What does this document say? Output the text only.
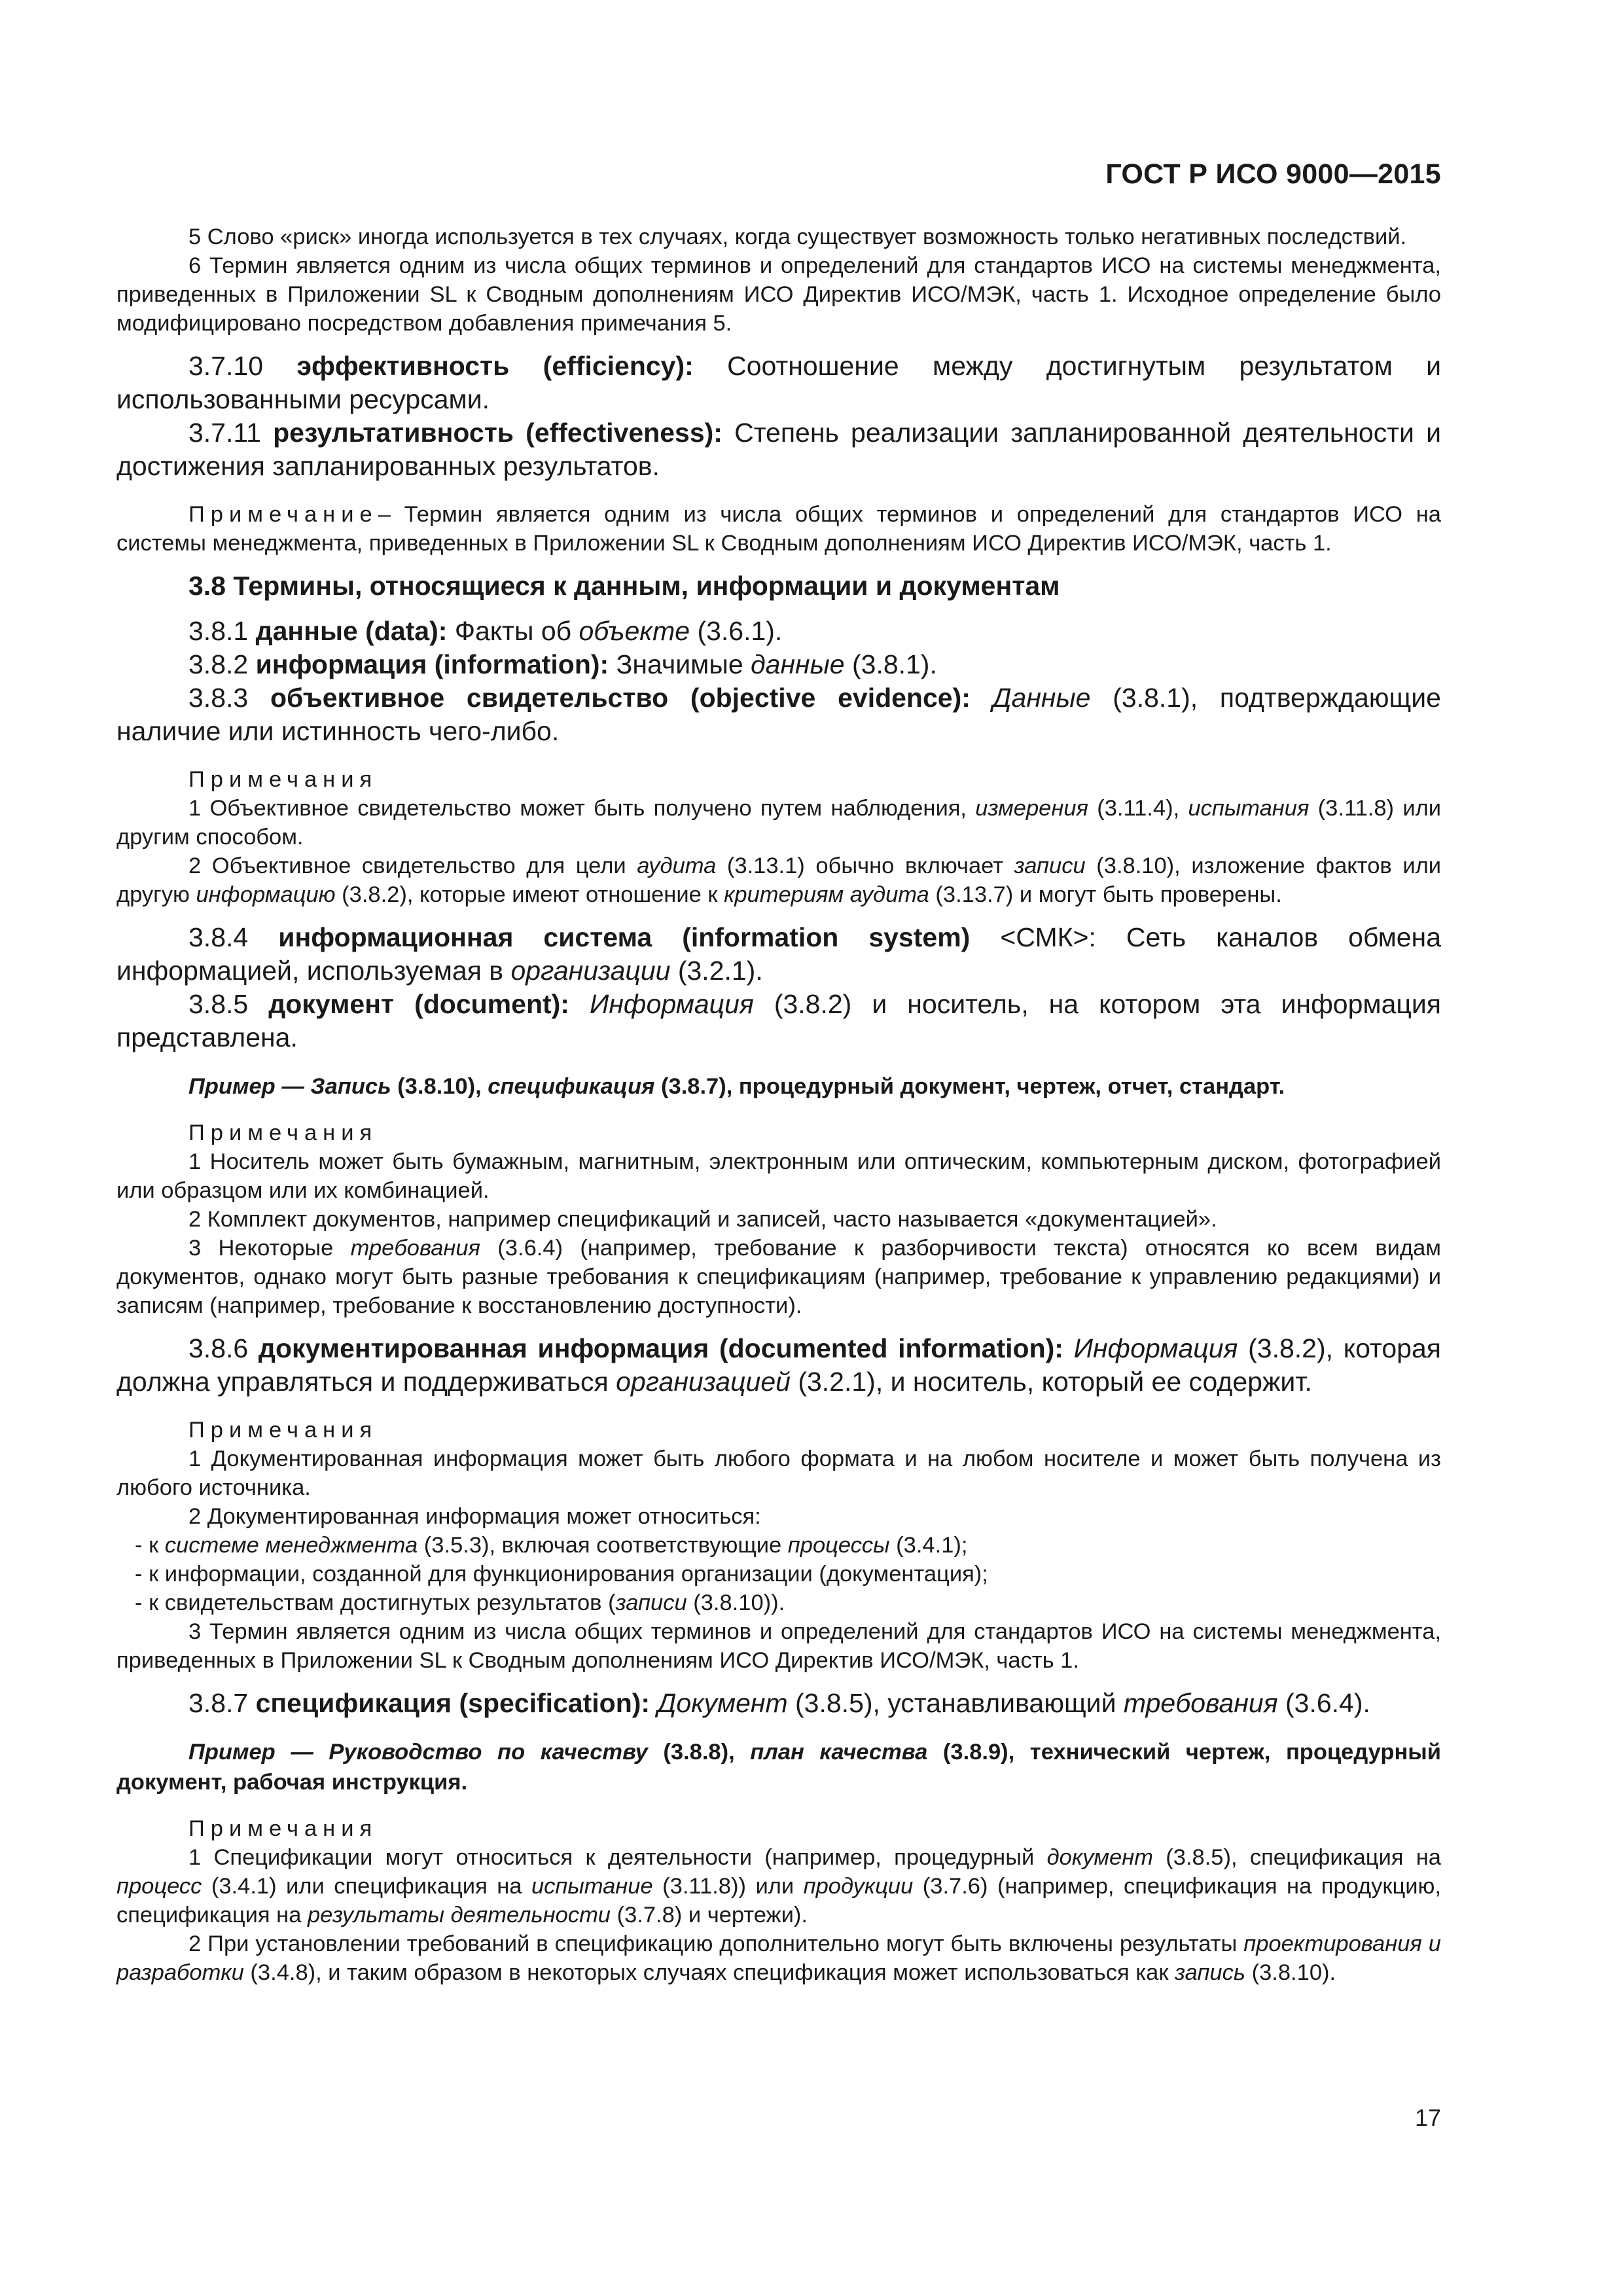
ГОСТ Р ИСО 9000—2015

5 Слово «риск» иногда используется в тех случаях, когда существует возможность только негативных последствий.

6 Термин является одним из числа общих терминов и определений для стандартов ИСО на системы менеджмента, приведенных в Приложении SL к Сводным дополнениям ИСО Директив ИСО/МЭК, часть 1. Исходное определение было модифицировано посредством добавления примечания 5.

3.7.10 эффективность (efficiency): Соотношение между достигнутым результатом и использованными ресурсами.

3.7.11 результативность (effectiveness): Степень реализации запланированной деятельности и достижения запланированных результатов.

Примечание– Термин является одним из числа общих терминов и определений для стандартов ИСО на системы менеджмента, приведенных в Приложении SL к Сводным дополнениям ИСО Директив ИСО/МЭК, часть 1.

3.8 Термины, относящиеся к данным, информации и документам

3.8.1 данные (data): Факты об объекте (3.6.1).

3.8.2 информация (information): Значимые данные (3.8.1).

3.8.3 объективное свидетельство (objective evidence): Данные (3.8.1), подтверждающие наличие или истинность чего-либо.

Примечания

1 Объективное свидетельство может быть получено путем наблюдения, измерения (3.11.4), испытания (3.11.8) или другим способом.

2 Объективное свидетельство для цели аудита (3.13.1) обычно включает записи (3.8.10), изложение фактов или другую информацию (3.8.2), которые имеют отношение к критериям аудита (3.13.7) и могут быть проверены.

3.8.4 информационная система (information system) <СМК>: Сеть каналов обмена информацией, используемая в организации (3.2.1).

3.8.5 документ (document): Информация (3.8.2) и носитель, на котором эта информация представлена.

Пример — Запись (3.8.10), спецификация (3.8.7), процедурный документ, чертеж, отчет, стандарт.

Примечания

1 Носитель может быть бумажным, магнитным, электронным или оптическим, компьютерным диском, фотографией или образцом или их комбинацией.

2 Комплект документов, например спецификаций и записей, часто называется «документацией».

3 Некоторые требования (3.6.4) (например, требование к разборчивости текста) относятся ко всем видам документов, однако могут быть разные требования к спецификациям (например, требование к управлению редакциями) и записям (например, требование к восстановлению доступности).

3.8.6 документированная информация (documented information): Информация (3.8.2), которая должна управляться и поддерживаться организацией (3.2.1), и носитель, который ее содержит.

Примечания

1 Документированная информация может быть любого формата и на любом носителе и может быть получена из любого источника.

2 Документированная информация может относиться:

- к системе менеджмента (3.5.3), включая соответствующие процессы (3.4.1);

- к информации, созданной для функционирования организации (документация);

- к свидетельствам достигнутых результатов (записи (3.8.10)).

3 Термин является одним из числа общих терминов и определений для стандартов ИСО на системы менеджмента, приведенных в Приложении SL к Сводным дополнениям ИСО Директив ИСО/МЭК, часть 1.

3.8.7 спецификация (specification): Документ (3.8.5), устанавливающий требования (3.6.4).

Пример — Руководство по качеству (3.8.8), план качества (3.8.9), технический чертеж, процедурный документ, рабочая инструкция.

Примечания

1 Спецификации могут относиться к деятельности (например, процедурный документ (3.8.5), спецификация на процесс (3.4.1) или спецификация на испытание (3.11.8)) или продукции (3.7.6) (например, спецификация на продукцию, спецификация на результаты деятельности (3.7.8) и чертежи).

2 При установлении требований в спецификацию дополнительно могут быть включены результаты проектирования и разработки (3.4.8), и таким образом в некоторых случаях спецификация может использоваться как запись (3.8.10).

17
